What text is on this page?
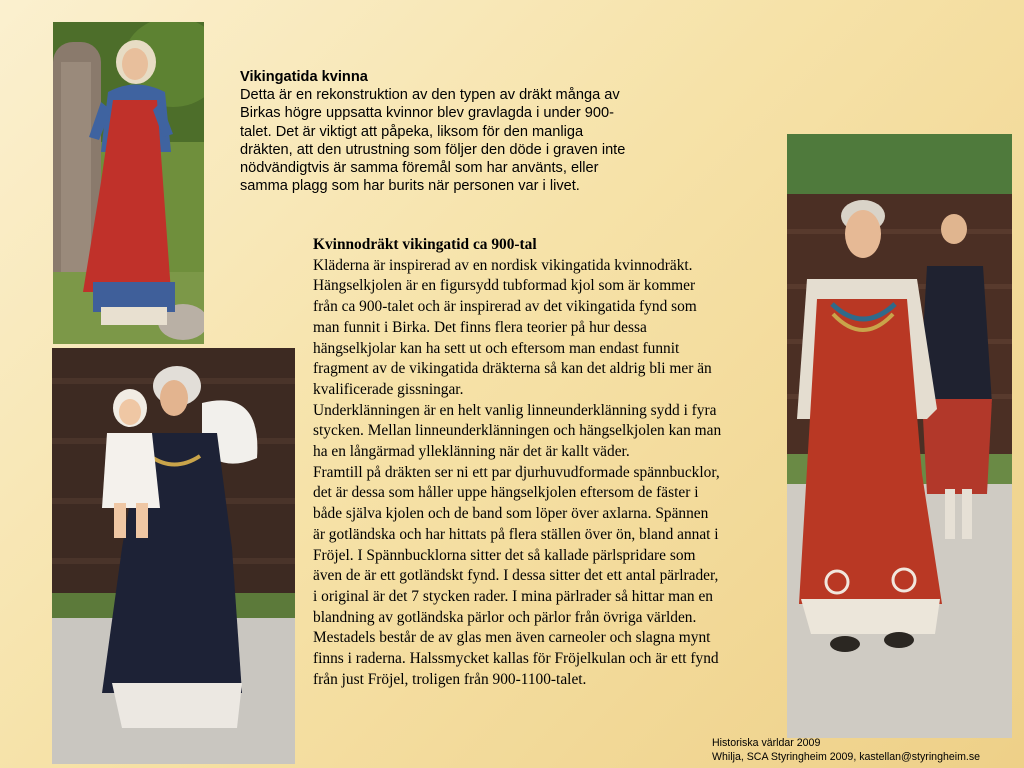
Vikingatida kvinna
Detta är en rekonstruktion av den typen av dräkt många av
Birkas högre uppsatta kvinnor blev gravlagda i under 900-
talet. Det är viktigt att påpeka, liksom för den manliga
dräkten, att den utrustning som följer den döde i graven inte
nödvändigtvis är samma föremål som har använts, eller
samma plagg som har burits när personen var i livet.
Kvinnodräkt vikingatid ca 900-tal
Kläderna är inspirerad av en nordisk vikingatida kvinnodräkt.
Hängselkjolen är en figursydd tubformad kjol som är kommer
från ca 900-talet och är inspirerad av det vikingatida fynd som
man funnit i Birka. Det finns flera teorier på hur dessa
hängselkjolar kan ha sett ut och eftersom man endast funnit
fragment av de vikingatida dräkterna så kan det aldrig bli mer än
kvalificerade gissningar.
Underklänningen är en helt vanlig linneunderklänning sydd i fyra
stycken. Mellan linneunderklänningen och hängselkjolen kan man
ha en långärmad ylleklänning när det är kallt väder.
Framtill på dräkten ser ni ett par djurhuvudformade spännbucklor,
det är dessa som håller uppe hängselkjolen eftersom de fäster i
både själva kjolen och de band som löper över axlarna. Spännen
är gotländska och har hittats på flera ställen över ön, bland annat i
Fröjel. I Spännbucklorna sitter det så kallade pärlspridare som
även de är ett gotländskt fynd. I dessa sitter det ett antal pärlrader,
i original är det 7 stycken rader. I mina pärlrader så hittar man en
blandning av gotländska pärlor och pärlor från övriga världen.
Mestadels består de av glas men även carneoler och slagna mynt
finns i raderna. Halssmycket kallas för Fröjelkulan och är ett fynd
från just Fröjel, troligen från 900-1100-talet.
Historiska världar 2009
Whilja, SCA Styringheim 2009, kastellan@styringheim.se
